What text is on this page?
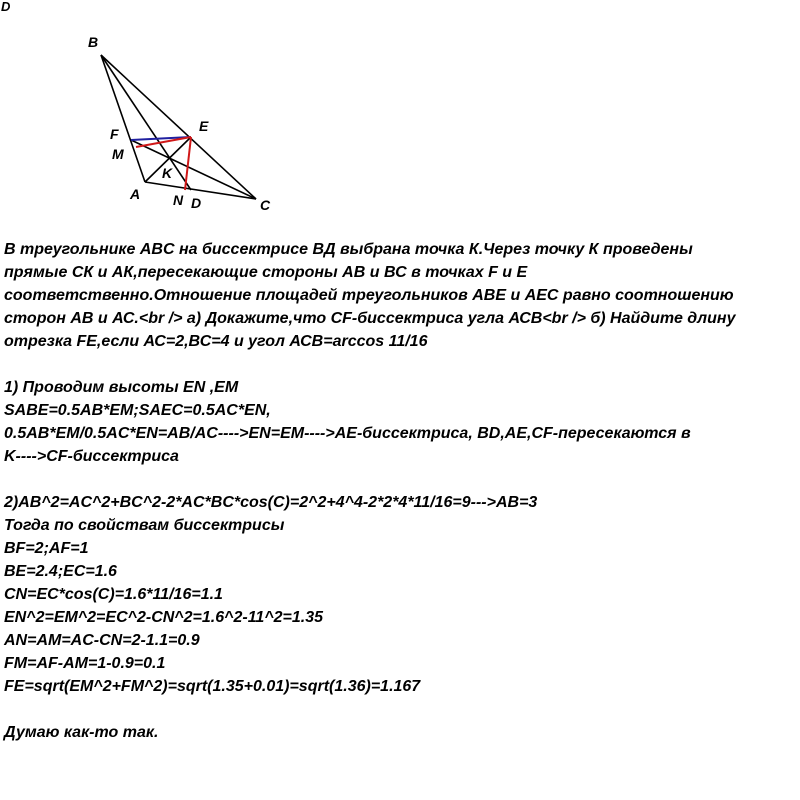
D
B
F	E
M
K
A N D	C
В треугольнике ABC на биссектрисе ВД выбрана точка К.Через точку К проведены
прямые СК и АК,пересекающие стороны АВ и ВС в точках F и E
соответственно.Отношение площадей треугольников ABE и AEC равно соотношению
сторон АВ и АС.<br /> а) Докажите,что CF-биссектриса угла АСВ<br /> б) Найдите длину
отрезка FE,если АС=2,ВС=4 и угол АСВ=arccos 11/16
1) Проводим высоты EN ,EM
SABE=0.5AB*EM;SAEC=0.5AC*EN,
0.5AB*EM/0.5AC*EN=AB/AC---->EN=EM---->AE-биссектриса, BD,AE,CF-пересекаются в
K---->CF-биссектриса
2)AB^2=AC^2+BC^2-2*AC*BC*cos(C)=2^2+4^4-2*2*4*11/16=9--->AB=3
Тогда по свойствам биссектрисы
BF=2;AF=1
BE=2.4;EC=1.6
CN=EC*cos(C)=1.6*11/16=1.1
EN^2=EM^2=EC^2-CN^2=1.6^2-11^2=1.35
AN=AM=AC-CN=2-1.1=0.9
FM=AF-AM=1-0.9=0.1
FE=sqrt(EM^2+FM^2)=sqrt(1.35+0.01)=sqrt(1.36)=1.167
Думаю как-то так.
